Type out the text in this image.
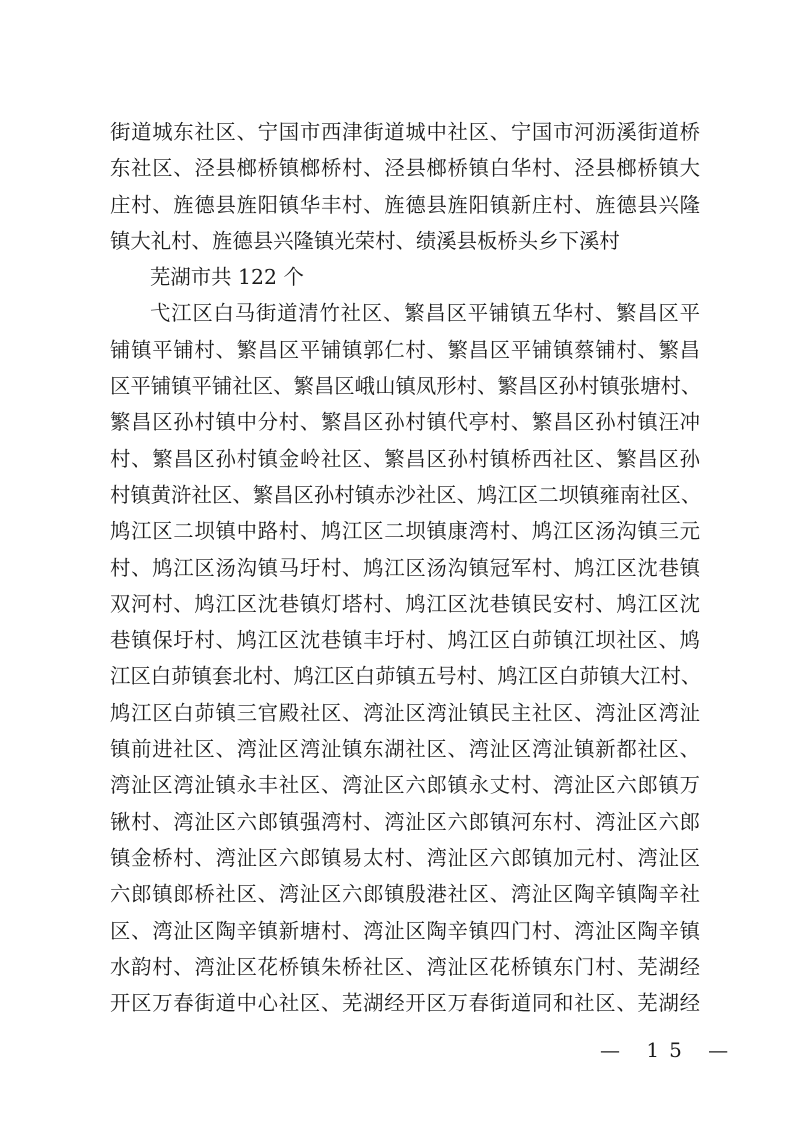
街道城东社区、宁国市西津街道城中社区、宁国市河沥溪街道桥
东社区、泾县榔桥镇榔桥村、泾县榔桥镇白华村、泾县榔桥镇大
庄村、旌德县旌阳镇华丰村、旌德县旌阳镇新庄村、旌德县兴隆
镇大礼村、旌德县兴隆镇光荣村、绩溪县板桥头乡下溪村
芜湖市共 122 个
弋江区白马街道清竹社区、繁昌区平铺镇五华村、繁昌区平
铺镇平铺村、繁昌区平铺镇郭仁村、繁昌区平铺镇蔡铺村、繁昌
区平铺镇平铺社区、繁昌区峨山镇凤形村、繁昌区孙村镇张塘村、
繁昌区孙村镇中分村、繁昌区孙村镇代亭村、繁昌区孙村镇汪冲
村、繁昌区孙村镇金岭社区、繁昌区孙村镇桥西社区、繁昌区孙
村镇黄浒社区、繁昌区孙村镇赤沙社区、鸠江区二坝镇雍南社区、
鸠江区二坝镇中路村、鸠江区二坝镇康湾村、鸠江区汤沟镇三元
村、鸠江区汤沟镇马圩村、鸠江区汤沟镇冠军村、鸠江区沈巷镇
双河村、鸠江区沈巷镇灯塔村、鸠江区沈巷镇民安村、鸠江区沈
巷镇保圩村、鸠江区沈巷镇丰圩村、鸠江区白茆镇江坝社区、鸠
江区白茆镇套北村、鸠江区白茆镇五号村、鸠江区白茆镇大江村、
鸠江区白茆镇三官殿社区、湾沚区湾沚镇民主社区、湾沚区湾沚
镇前进社区、湾沚区湾沚镇东湖社区、湾沚区湾沚镇新都社区、
湾沚区湾沚镇永丰社区、湾沚区六郎镇永丈村、湾沚区六郎镇万
锹村、湾沚区六郎镇强湾村、湾沚区六郎镇河东村、湾沚区六郎
镇金桥村、湾沚区六郎镇易太村、湾沚区六郎镇加元村、湾沚区
六郎镇郎桥社区、湾沚区六郎镇殷港社区、湾沚区陶辛镇陶辛社
区、湾沚区陶辛镇新塘村、湾沚区陶辛镇四门村、湾沚区陶辛镇
水韵村、湾沚区花桥镇朱桥社区、湾沚区花桥镇东门村、芜湖经
开区万春街道中心社区、芜湖经开区万春街道同和社区、芜湖经
— 15 —
